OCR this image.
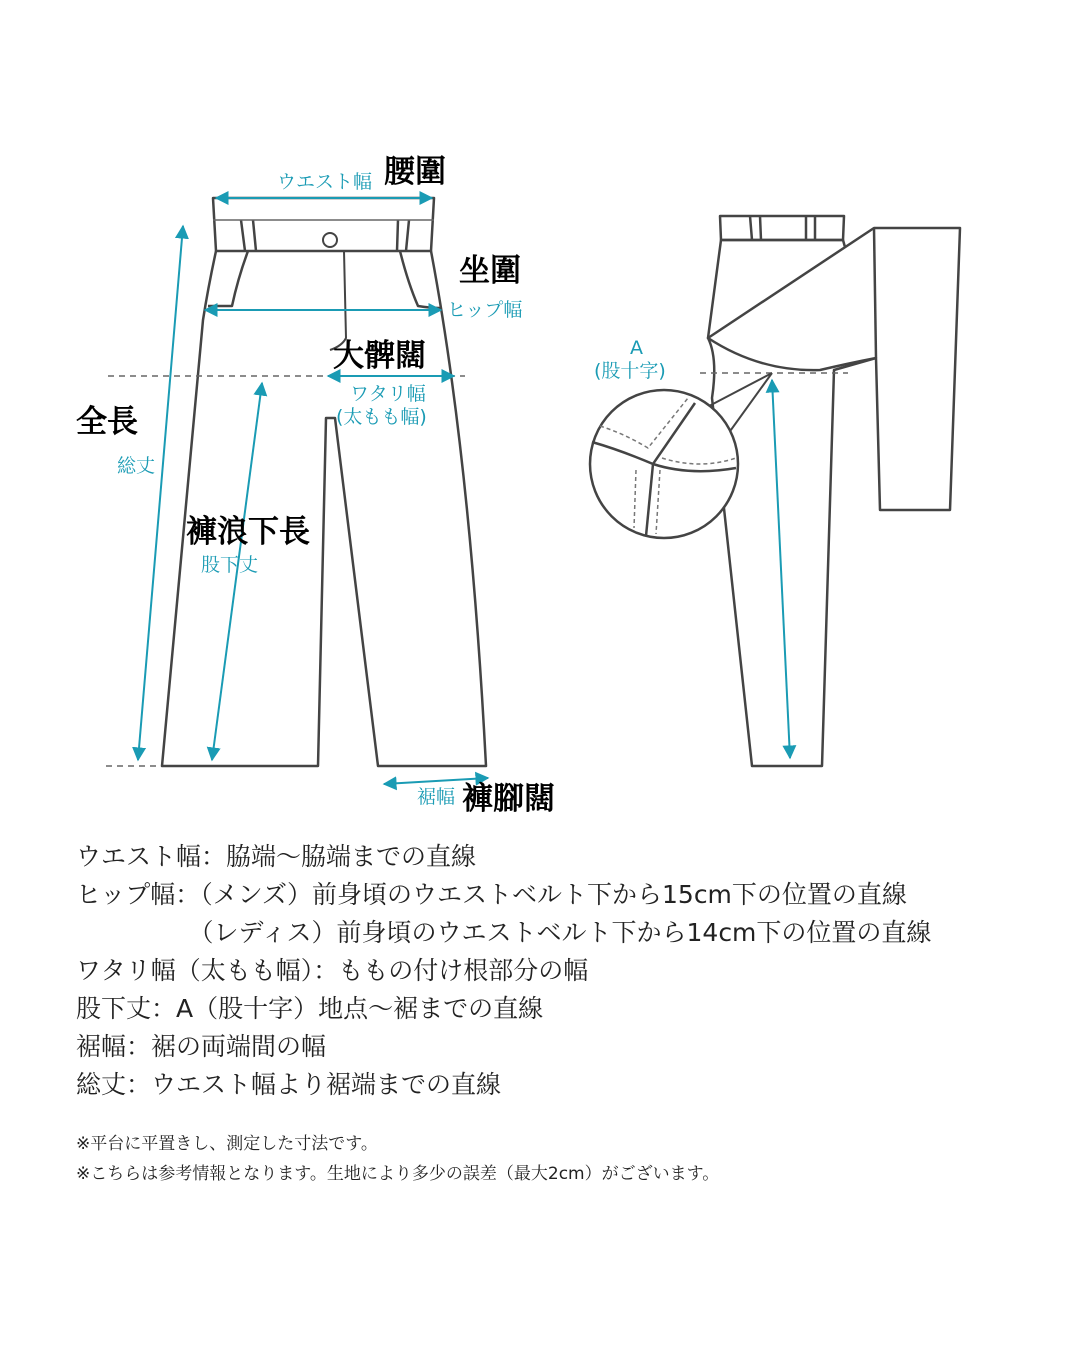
ウエスト幅 腰圍
坐圍
ヒップ幅
大髀闊
ワタリ幅
(太もも幅)
全長
総丈
褲浪下長
股下丈
裾幅 褲腳闊
A
(股十字)
ウエスト幅：脇端～脇端までの直線
ヒップ幅：（メンズ）前身頃のウエストベルト下から15cm下の位置の直線
　　　　　（レディス）前身頃のウエストベルト下から14cm下の位置の直線
ワタリ幅（太もも幅）：ももの付け根部分の幅
股下丈：A（股十字）地点～裾までの直線
裾幅：裾の両端間の幅
総丈：ウエスト幅より裾端までの直線
※平台に平置きし、測定した寸法です。
※こちらは参考情報となります。生地により多少の誤差（最大2cm）がございます。
